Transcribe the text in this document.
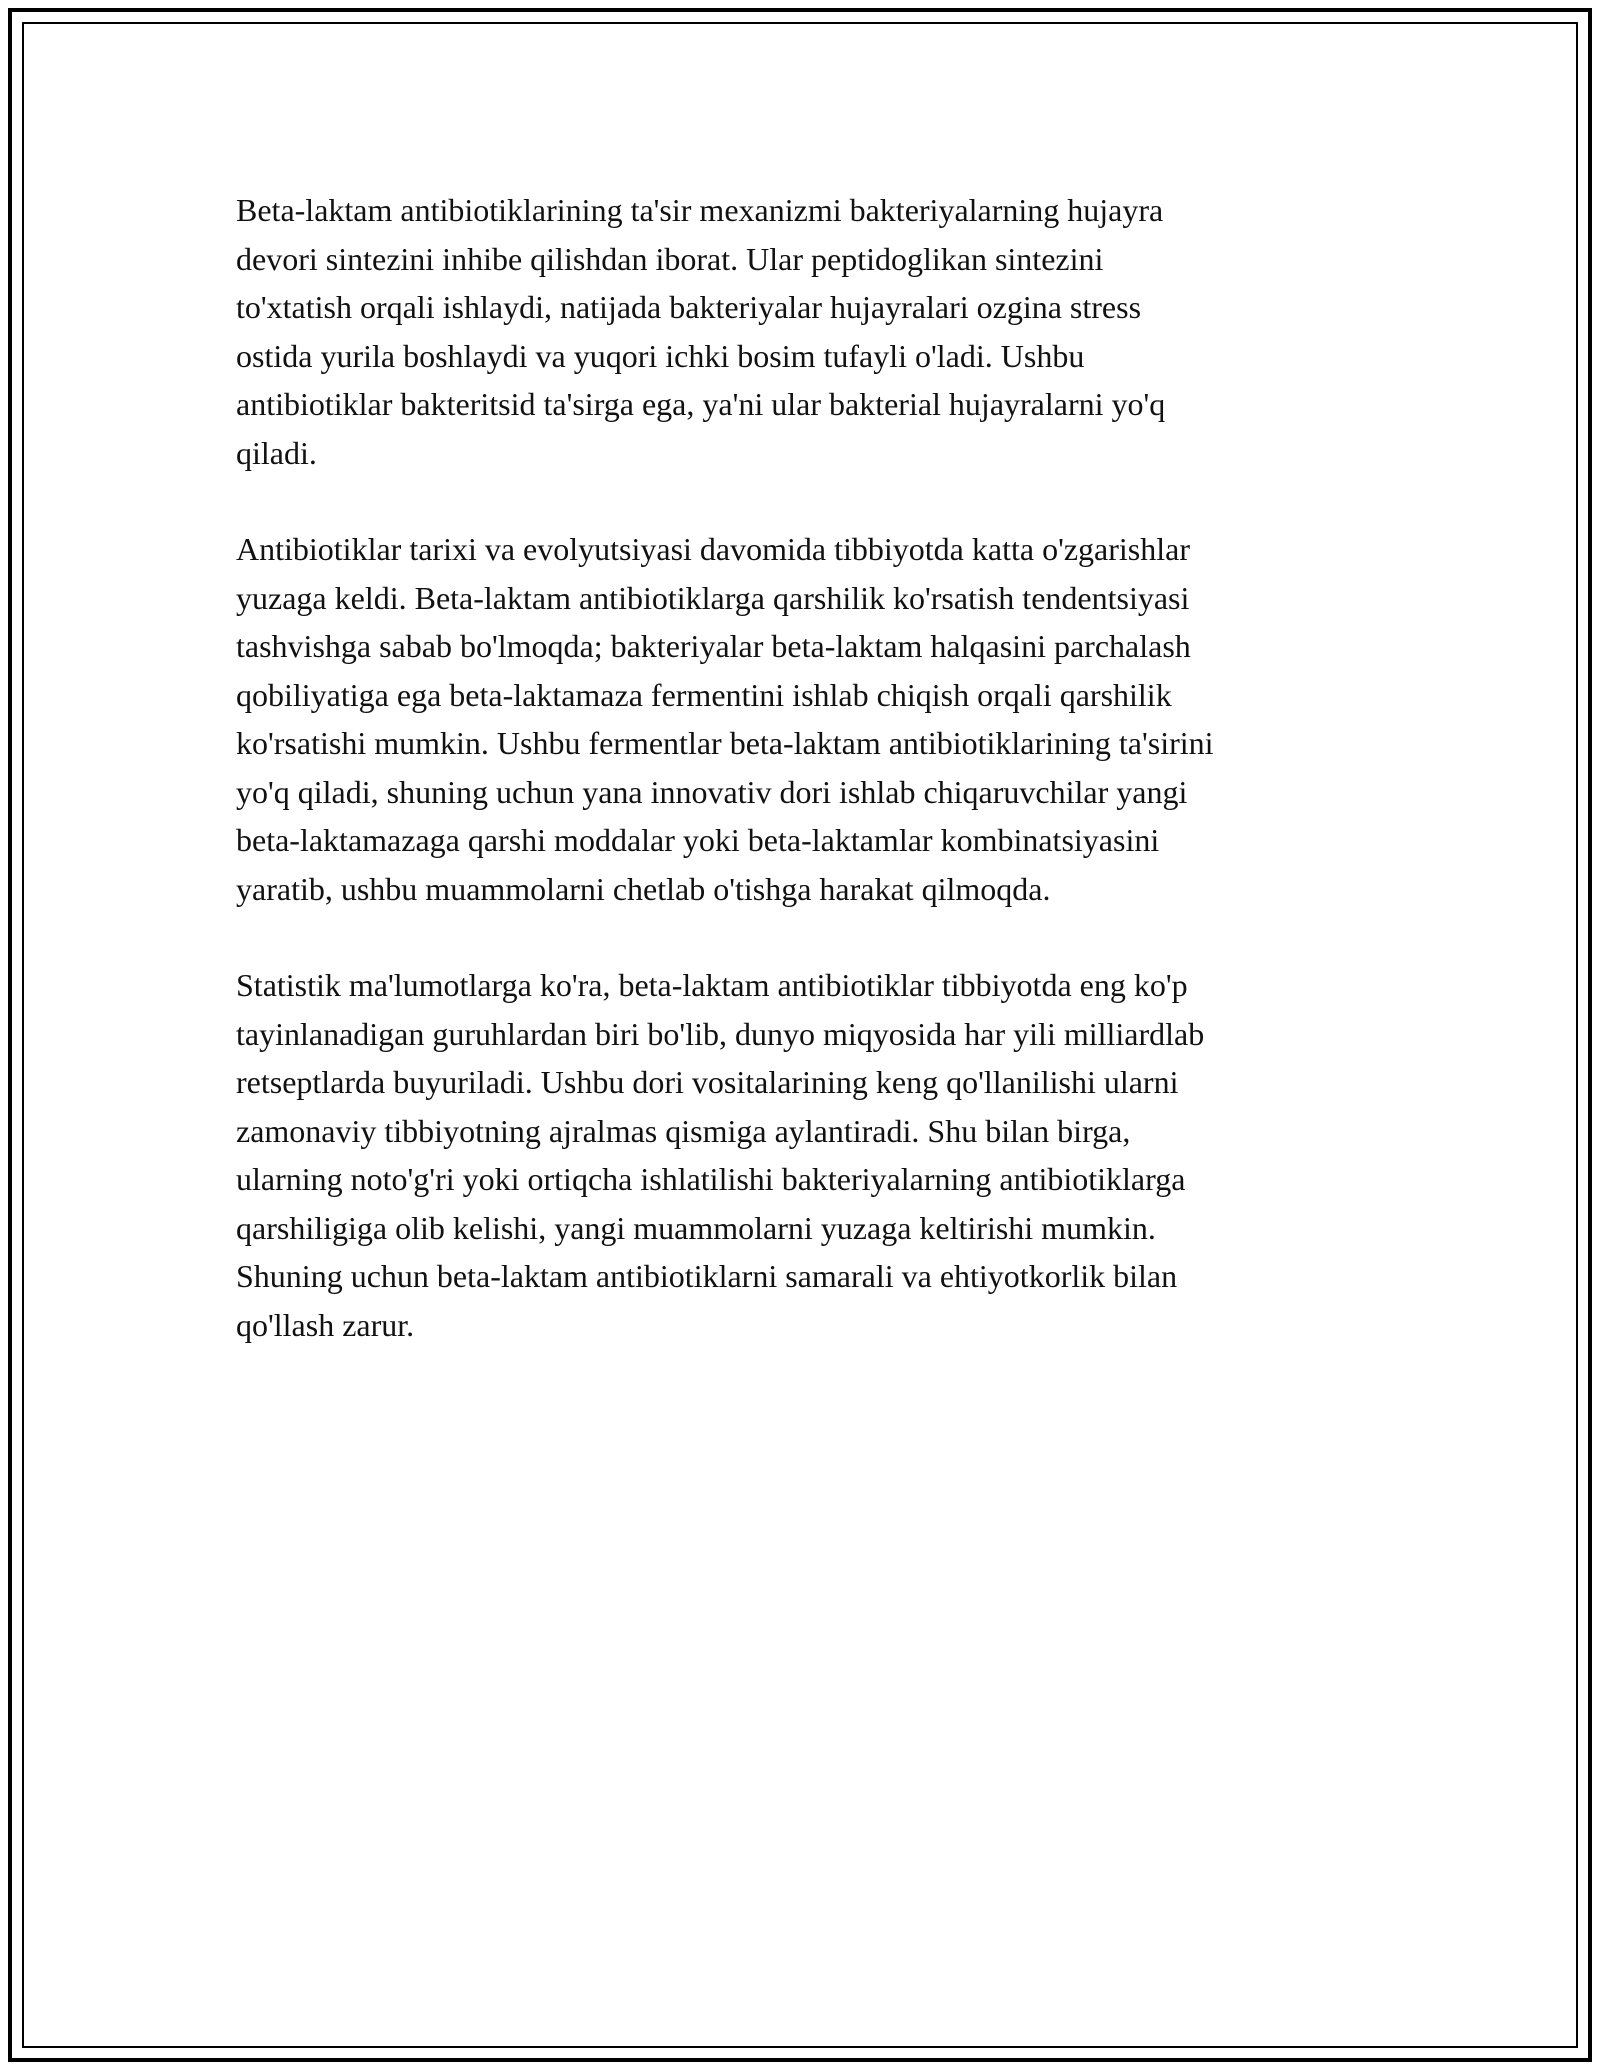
Beta-laktam antibiotiklarining ta'sir mexanizmi bakteriyalarning hujayra
devori sintezini inhibe qilishdan iborat. Ular peptidoglikan sintezini
to'xtatish orqali ishlaydi, natijada bakteriyalar hujayralari ozgina stress
ostida yurila boshlaydi va yuqori ichki bosim tufayli o'ladi. Ushbu
antibiotiklar bakteritsid ta'sirga ega, ya'ni ular bakterial hujayralarni yo'q
qiladi.

Antibiotiklar tarixi va evolyutsiyasi davomida tibbiyotda katta o'zgarishlar
yuzaga keldi. Beta-laktam antibiotiklarga qarshilik ko'rsatish tendentsiyasi
tashvishga sabab bo'lmoqda; bakteriyalar beta-laktam halqasini parchalash
qobiliyatiga ega beta-laktamaza fermentini ishlab chiqish orqali qarshilik
ko'rsatishi mumkin. Ushbu fermentlar beta-laktam antibiotiklarining ta'sirini
yo'q qiladi, shuning uchun yana innovativ dori ishlab chiqaruvchilar yangi
beta-laktamazaga qarshi moddalar yoki beta-laktamlar kombinatsiyasini
yaratib, ushbu muammolarni chetlab o'tishga harakat qilmoqda.

Statistik ma'lumotlarga ko'ra, beta-laktam antibiotiklar tibbiyotda eng ko'p
tayinlanadigan guruhlardan biri bo'lib, dunyo miqyosida har yili milliardlab
retseptlarda buyuriladi. Ushbu dori vositalarining keng qo'llanilishi ularni
zamonaviy tibbiyotning ajralmas qismiga aylantiradi. Shu bilan birga,
ularning noto'g'ri yoki ortiqcha ishlatilishi bakteriyalarning antibiotiklarga
qarshiligiga olib kelishi, yangi muammolarni yuzaga keltirishi mumkin.
Shuning uchun beta-laktam antibiotiklarni samarali va ehtiyotkorlik bilan
qo'llash zarur.
